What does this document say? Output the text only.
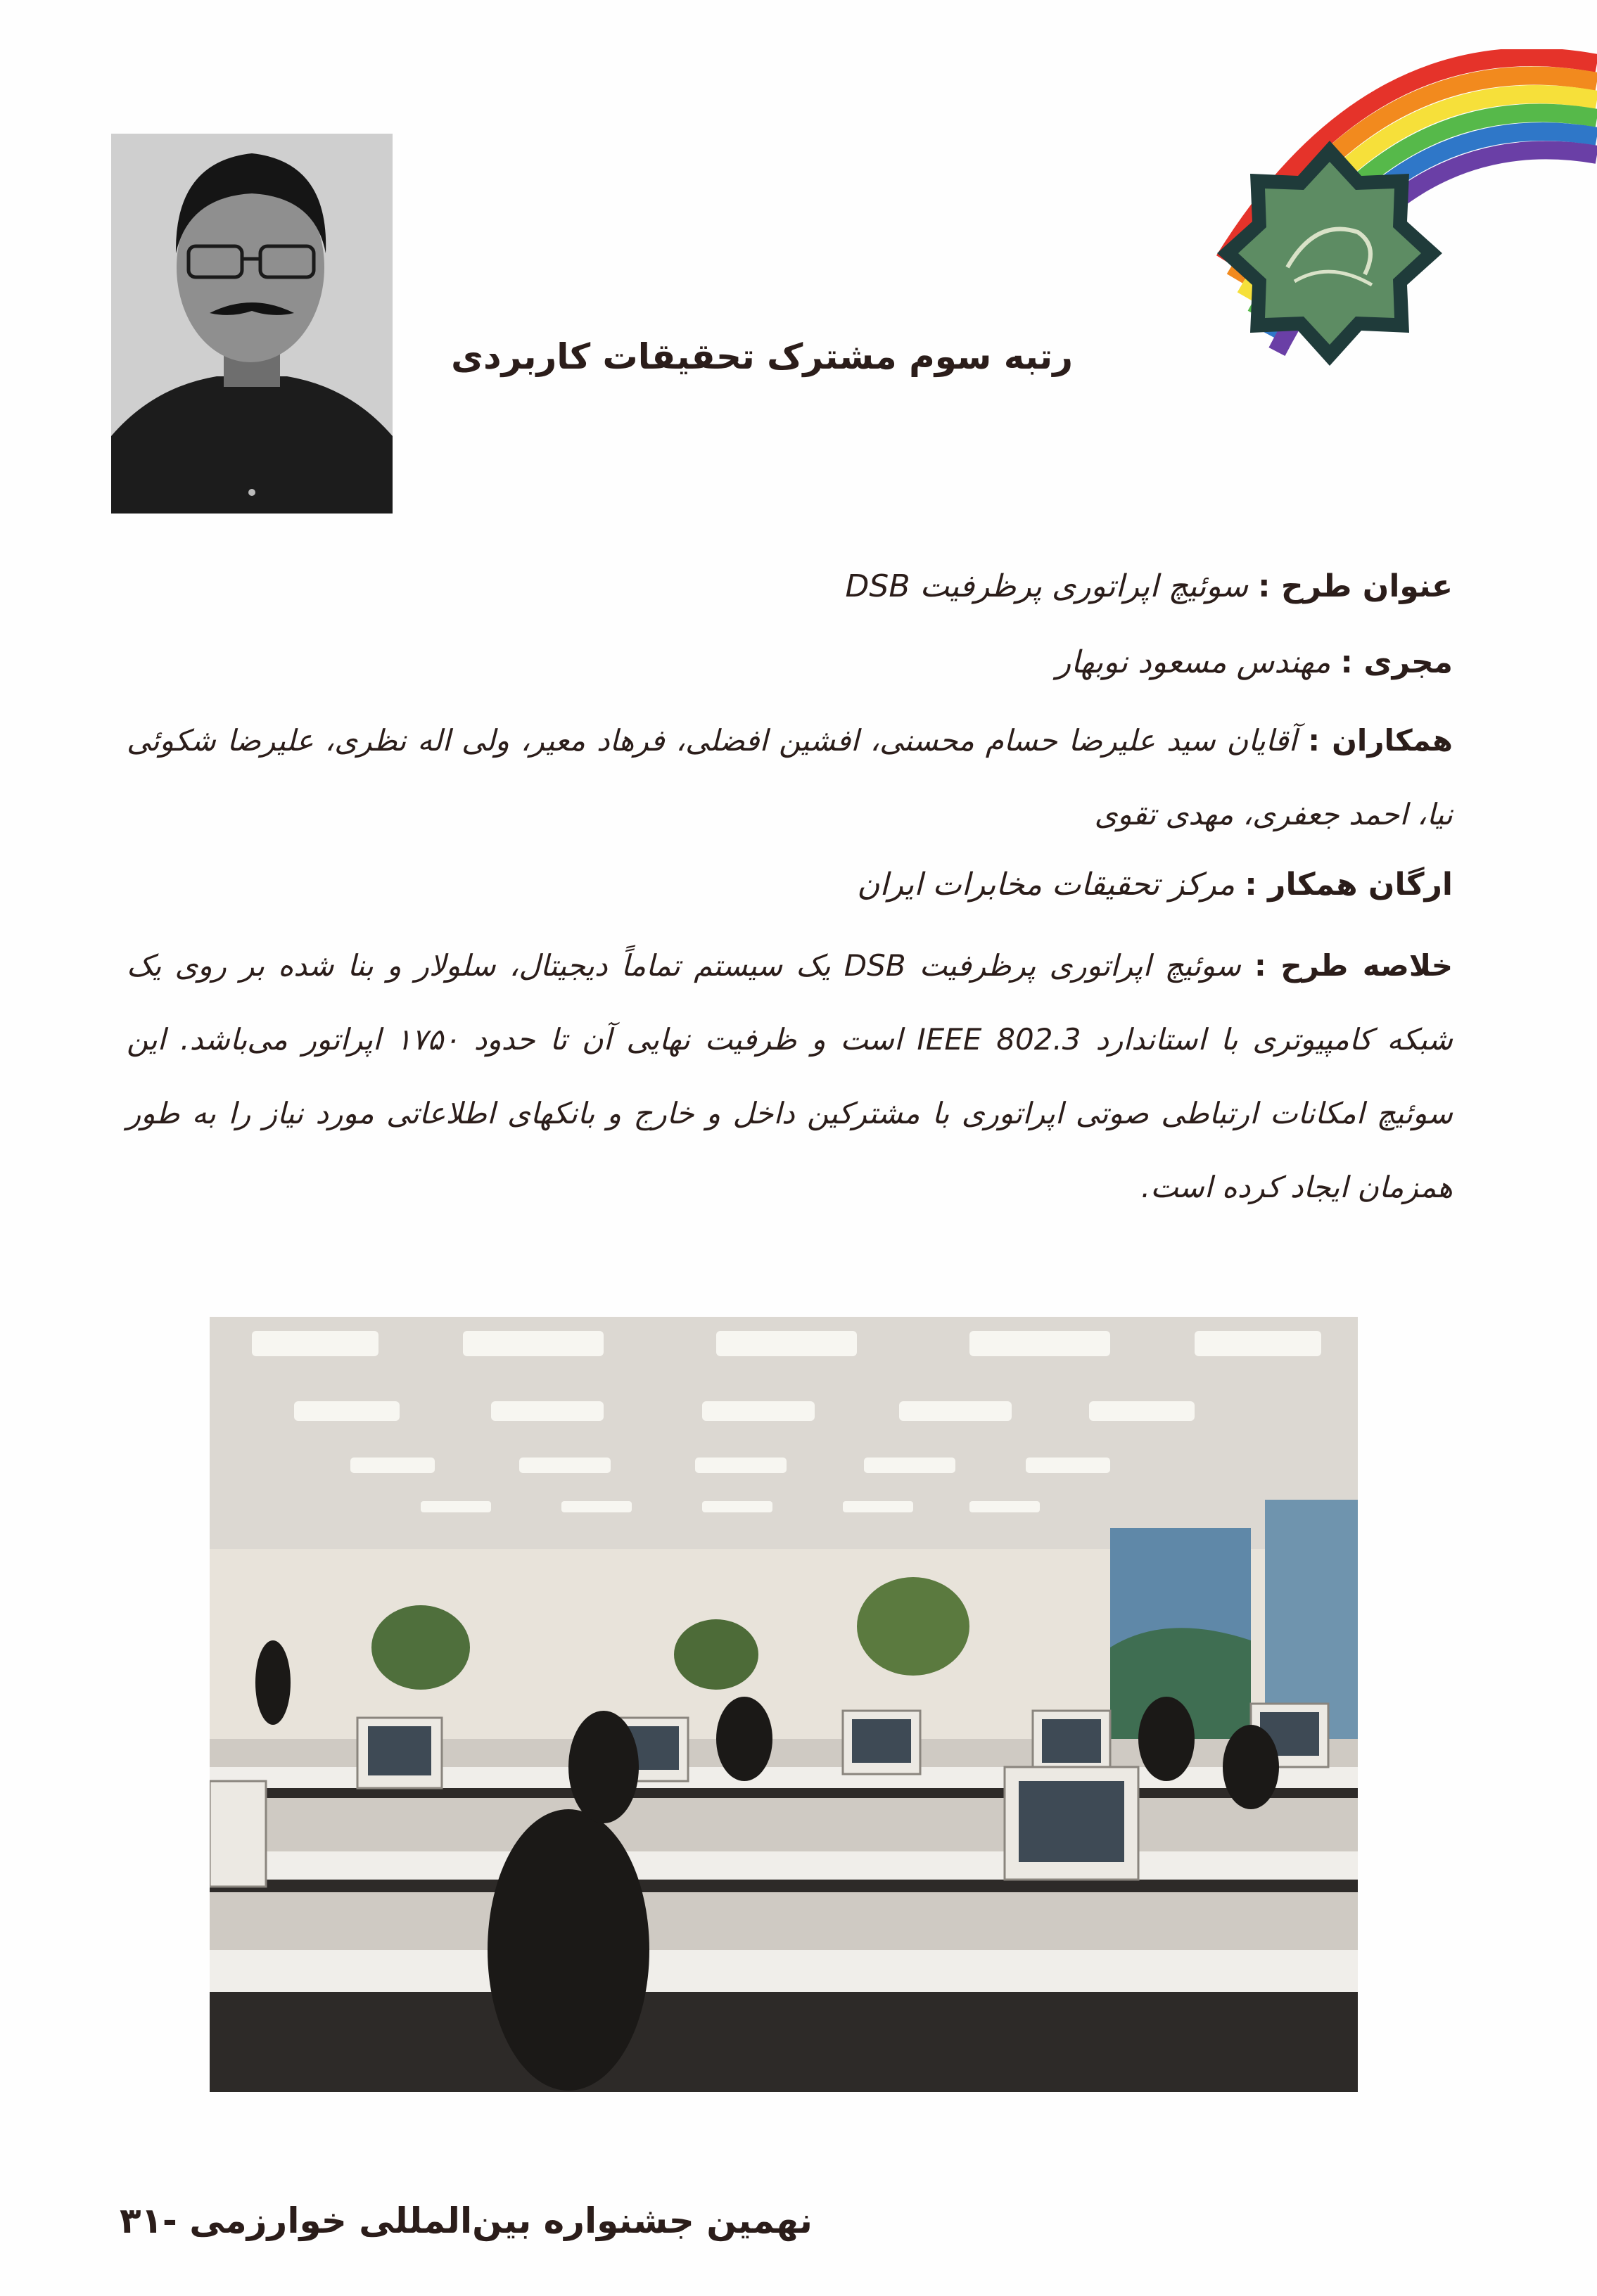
رتبه سوم مشترک تحقیقات کاربردی
عنوان طرح : سوئیچ اپراتوری پرظرفیت DSB
مجری : مهندس مسعود نوبهار
همکاران : آقایان سید علیرضا حسام محسنی، افشین افضلی، فرهاد معیر، ولی اله نظری، علیرضا شکوئی نیا، احمد جعفری، مهدی تقوی
ارگان همکار : مرکز تحقیقات مخابرات ایران
خلاصه طرح : سوئیچ اپراتوری پرظرفیت DSB یک سیستم تماماً دیجیتال، سلولار و بنا شده بر روی یک شبکه کامپیوتری با استاندارد IEEE 802.3 است و ظرفیت نهایی آن تا حدود ۱۷۵۰ اپراتور می‌باشد. این سوئیچ امکانات ارتباطی صوتی اپراتوری با مشترکین داخل و خارج و بانکهای اطلاعاتی مورد نیاز را به طور همزمان ایجاد کرده است.
نهمین جشنواره بین‌المللی خوارزمی -۳۱
